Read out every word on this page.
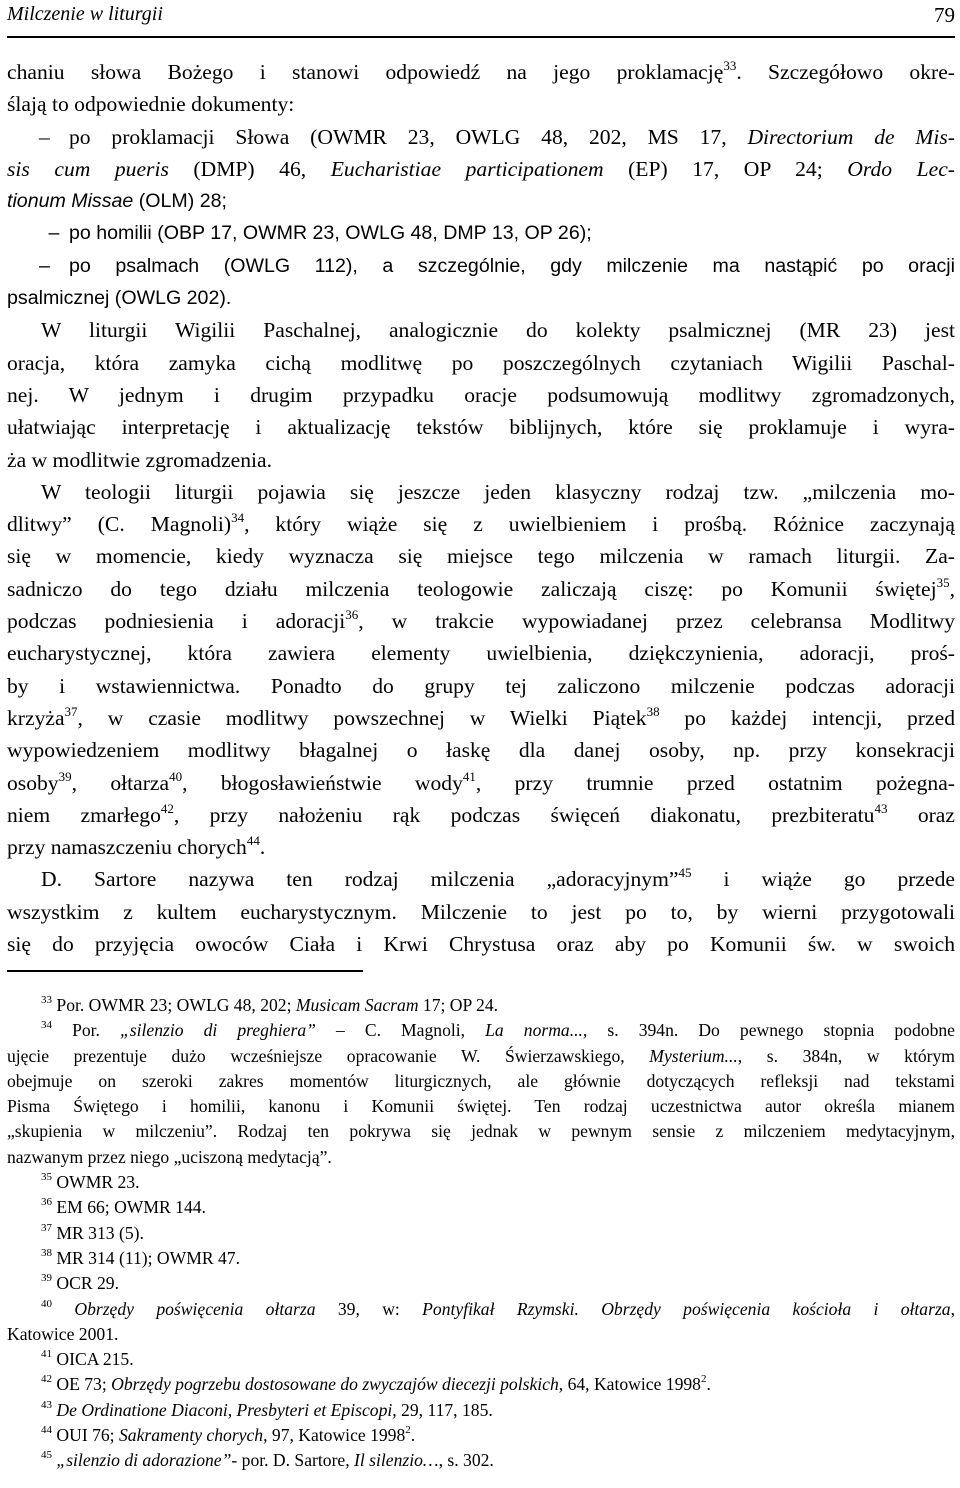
Milczenie w liturgii	79
chaniu słowa Bożego i stanowi odpowiedź na jego proklamację$^{33}$. Szczegółowo okre-
ślają to odpowiednie dokumenty:
– po proklamacji Słowa (OWMR 23, OWLG 48, 202, MS 17, Directorium de Mis-
sis cum pueris (DMP) 46, Eucharistiae participationem (EP) 17, OP 24; Ordo Lec-
tionum Missae (OLM) 28;
– po homilii (OBP 17, OWMR 23, OWLG 48, DMP 13, OP 26);
– po psalmach (OWLG 112), a szczególnie, gdy milczenie ma nastąpić po oracji
psalmicznej (OWLG 202).
W liturgii Wigilii Paschalnej, analogicznie do kolekty psalmicznej (MR 23) jest
oracja, która zamyka cichą modlitwę po poszczególnych czytaniach Wigilii Paschal-
nej. W jednym i drugim przypadku oracje podsumowują modlitwy zgromadzonych,
ułatwiając interpretację i aktualizację tekstów biblijnych, które się proklamuje i wyra-
ża w modlitwie zgromadzenia.
W teologii liturgii pojawia się jeszcze jeden klasyczny rodzaj tzw. „milczenia mo-
dlitwy” (C. Magnoli)$^{34}$, który wiąże się z uwielbieniem i prośbą. Różnice zaczynają
się w momencie, kiedy wyznacza się miejsce tego milczenia w ramach liturgii. Za-
sadniczo do tego działu milczenia teologowie zaliczają ciszę: po Komunii świętej$^{35}$,
podczas podniesienia i adoracji$^{36}$, w trakcie wypowiadanej przez celebransa Modlitwy
eucharystycznej, która zawiera elementy uwielbienia, dziękczynienia, adoracji, proś-
by i wstawiennictwa. Ponadto do grupy tej zaliczono milczenie podczas adoracji
krzyża$^{37}$, w czasie modlitwy powszechnej w Wielki Piątek$^{38}$ po każdej intencji, przed
wypowiedzeniem modlitwy błagalnej o łaskę dla danej osoby, np. przy konsekracji
osoby$^{39}$, ołtarza$^{40}$, błogosławieństwie wody$^{41}$, przy trumnie przed ostatnim pożegna-
niem zmarłego$^{42}$, przy nałożeniu rąk podczas święceń diakonatu, prezbiteratu$^{43}$ oraz
przy namaszczeniu chorych$^{44}$.
D. Sartore nazywa ten rodzaj milczenia „adoracyjnym”$^{45}$ i wiąże go przede
wszystkim z kultem eucharystycznym. Milczenie to jest po to, by wierni przygotowali
się do przyjęcia owoców Ciała i Krwi Chrystusa oraz aby po Komunii św. w swoich
$^{33}$ Por. OWMR 23; OWLG 48, 202; Musicam Sacram 17; OP 24.
$^{34}$ Por. „silenzio di preghiera” – C. Magnoli, La norma..., s. 394n. Do pewnego stopnia podobne
ujęcie prezentuje dużo wcześniejsze opracowanie W. Świerzawskiego, Mysterium..., s. 384n, w którym
obejmuje on szeroki zakres momentów liturgicznych, ale głównie dotyczących refleksji nad tekstami
Pisma Świętego i homilii, kanonu i Komunii świętej. Ten rodzaj uczestnictwa autor określa mianem
„skupienia w milczeniu”. Rodzaj ten pokrywa się jednak w pewnym sensie z milczeniem medytacyjnym,
nazwanym przez niego „uciszoną medytacją”.
$^{35}$ OWMR 23.
$^{36}$ EM 66; OWMR 144.
$^{37}$ MR 313 (5).
$^{38}$ MR 314 (11); OWMR 47.
$^{39}$ OCR 29.
$^{40}$ Obrzędy poświęcenia ołtarza 39, w: Pontyfikał Rzymski. Obrzędy poświęcenia kościoła i ołtarza,
Katowice 2001.
$^{41}$ OICA 215.
$^{42}$ OE 73; Obrzędy pogrzebu dostosowane do zwyczajów diecezji polskich, 64, Katowice 1998$^2$.
$^{43}$ De Ordinatione Diaconi, Presbyteri et Episcopi, 29, 117, 185.
$^{44}$ OUI 76; Sakramenty chorych, 97, Katowice 1998$^2$.
$^{45}$ „silenzio di adorazione”- por. D. Sartore, Il silenzio…, s. 302.
